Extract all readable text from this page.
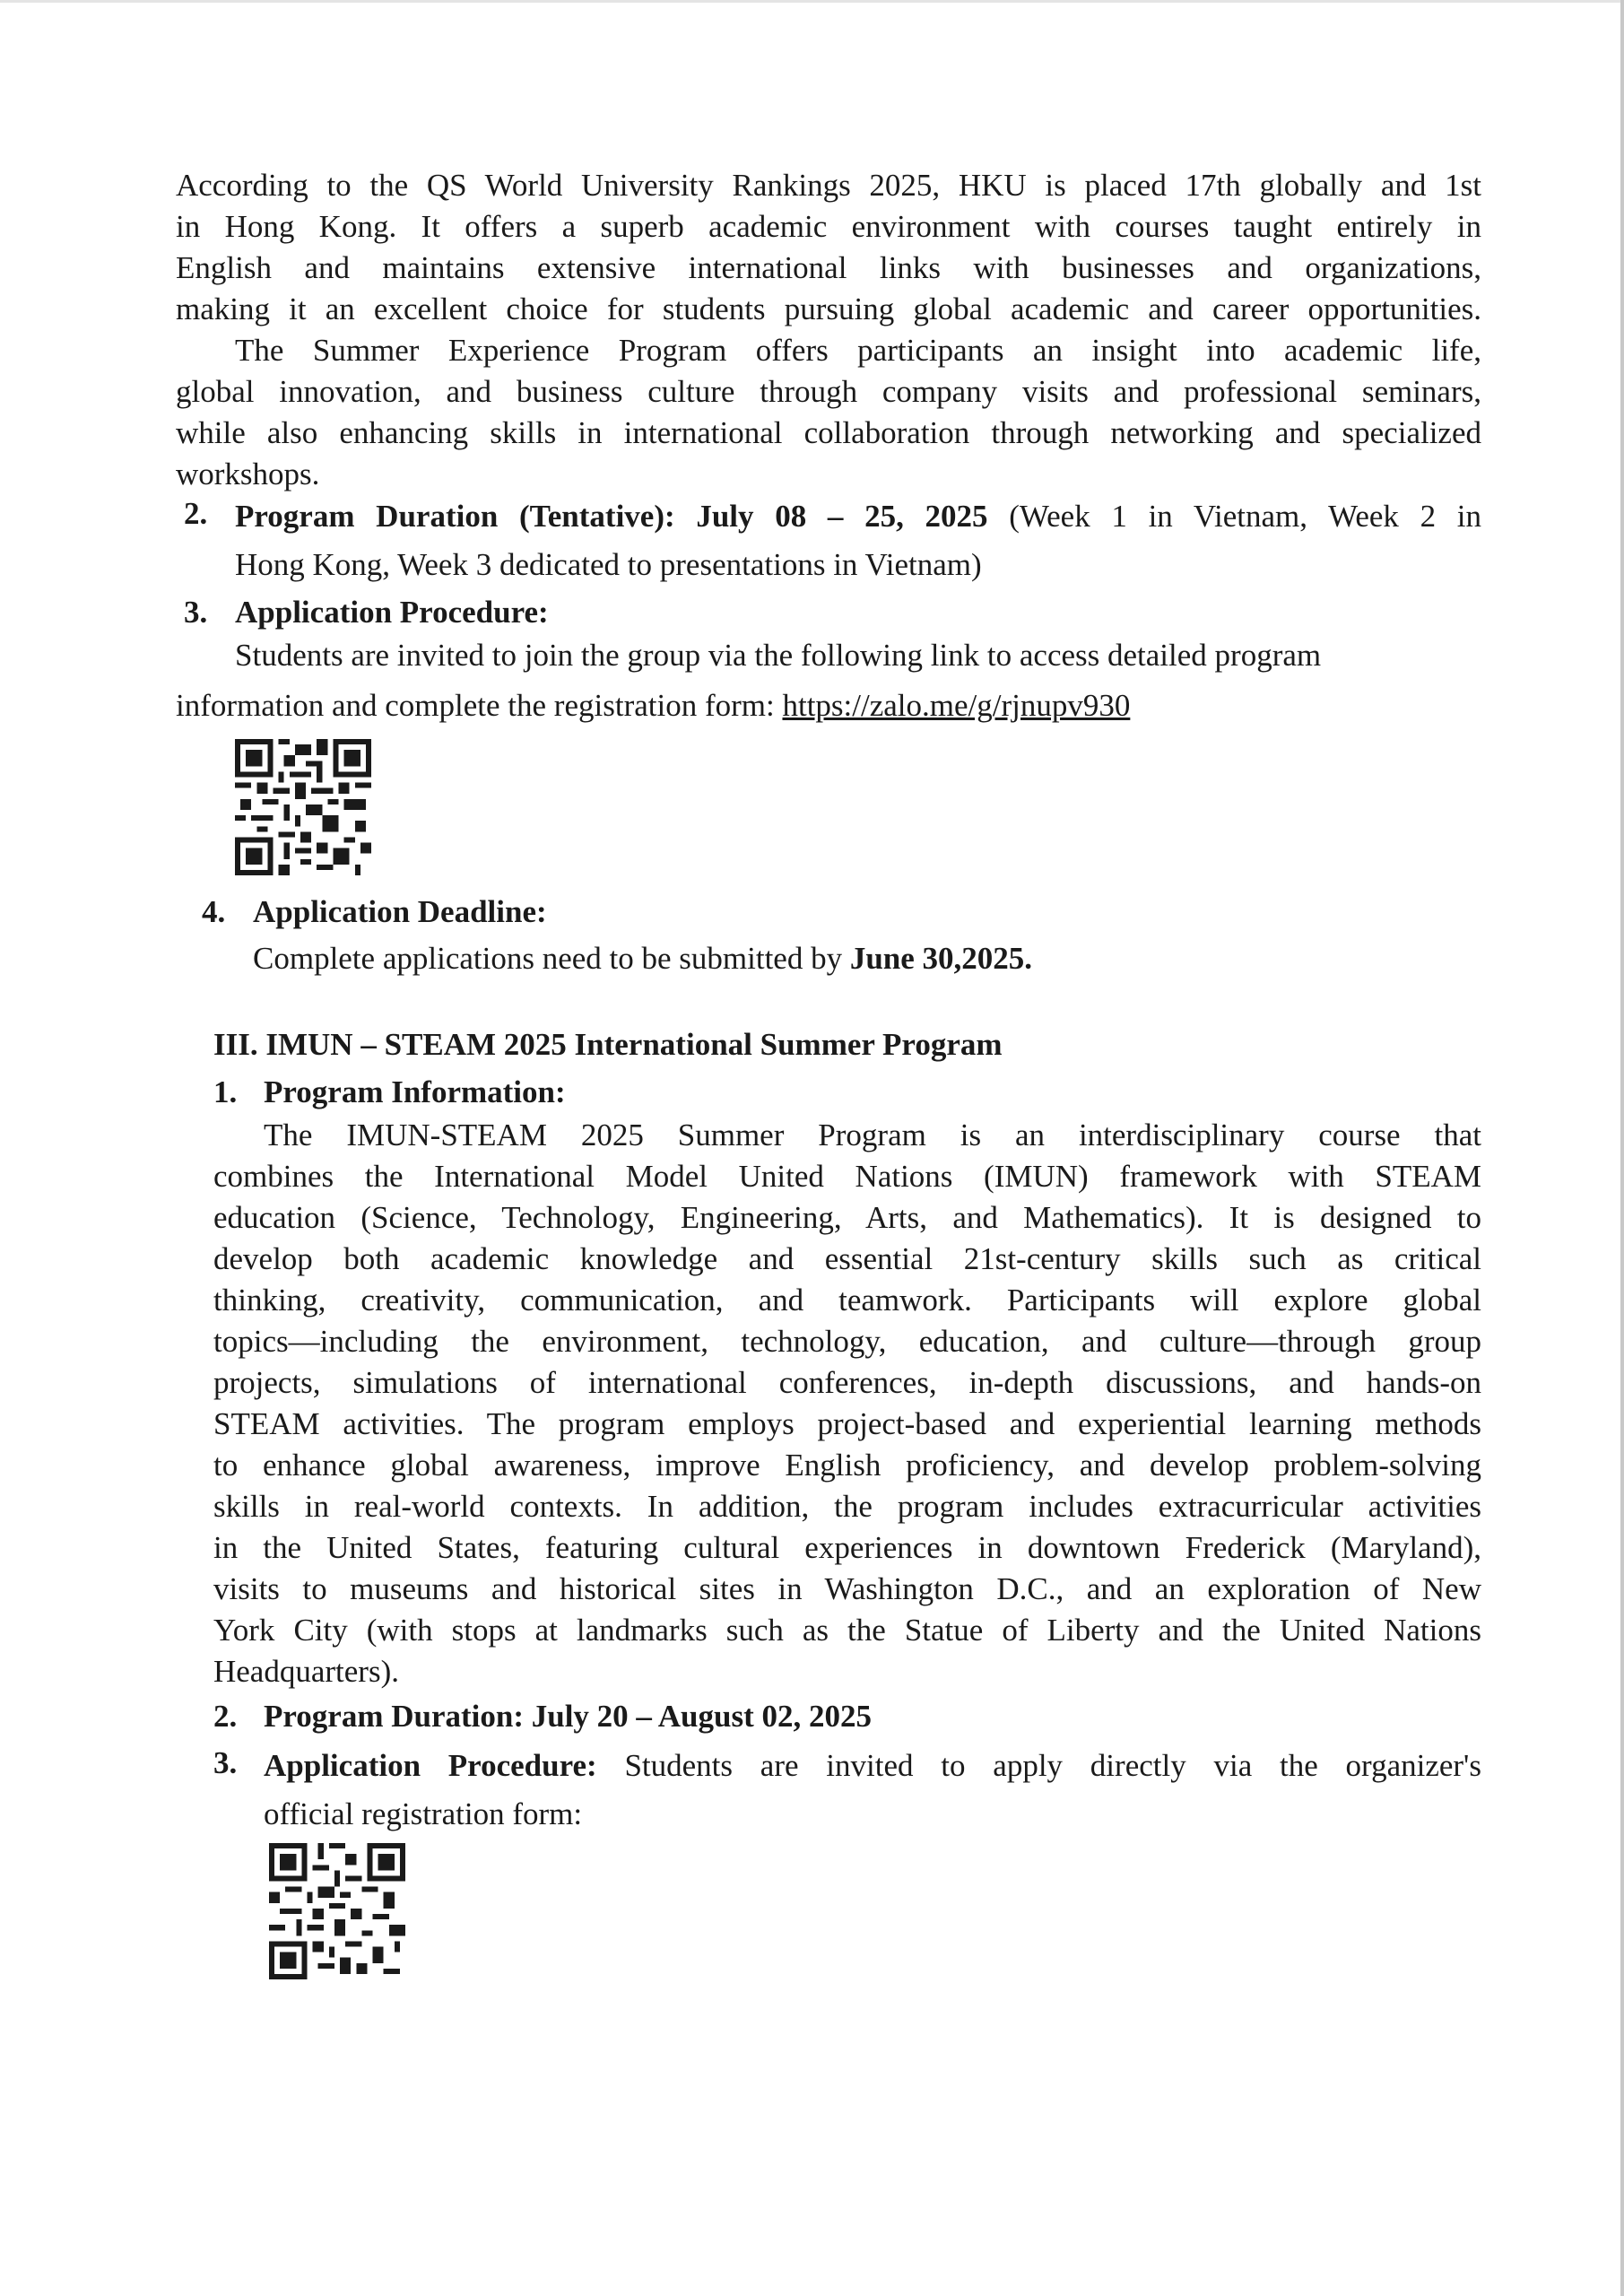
According to the QS World University Rankings 2025, HKU is placed 17th globally and 1st
in Hong Kong. It offers a superb academic environment with courses taught entirely in
English and maintains extensive international links with businesses and organizations,
making it an excellent choice for students pursuing global academic and career opportunities.
The Summer Experience Program offers participants an insight into academic life,
global innovation, and business culture through company visits and professional seminars,
while also enhancing skills in international collaboration through networking and specialized
workshops.
2. Program Duration (Tentative): July 08 – 25, 2025 (Week 1 in Vietnam, Week 2 in
Hong Kong, Week 3 dedicated to presentations in Vietnam)
3. Application Procedure:
Students are invited to join the group via the following link to access detailed program
information and complete the registration form: https://zalo.me/g/rjnupv930
4. Application Deadline:
Complete applications need to be submitted by June 30,2025.
III. IMUN – STEAM 2025 International Summer Program
1. Program Information:
The IMUN-STEAM 2025 Summer Program is an interdisciplinary course that
combines the International Model United Nations (IMUN) framework with STEAM
education (Science, Technology, Engineering, Arts, and Mathematics). It is designed to
develop both academic knowledge and essential 21st-century skills such as critical
thinking, creativity, communication, and teamwork. Participants will explore global
topics—including the environment, technology, education, and culture—through group
projects, simulations of international conferences, in-depth discussions, and hands-on
STEAM activities. The program employs project-based and experiential learning methods
to enhance global awareness, improve English proficiency, and develop problem-solving
skills in real-world contexts. In addition, the program includes extracurricular activities
in the United States, featuring cultural experiences in downtown Frederick (Maryland),
visits to museums and historical sites in Washington D.C., and an exploration of New
York City (with stops at landmarks such as the Statue of Liberty and the United Nations
Headquarters).
2. Program Duration: July 20 – August 02, 2025
3. Application Procedure: Students are invited to apply directly via the organizer's
official registration form:
